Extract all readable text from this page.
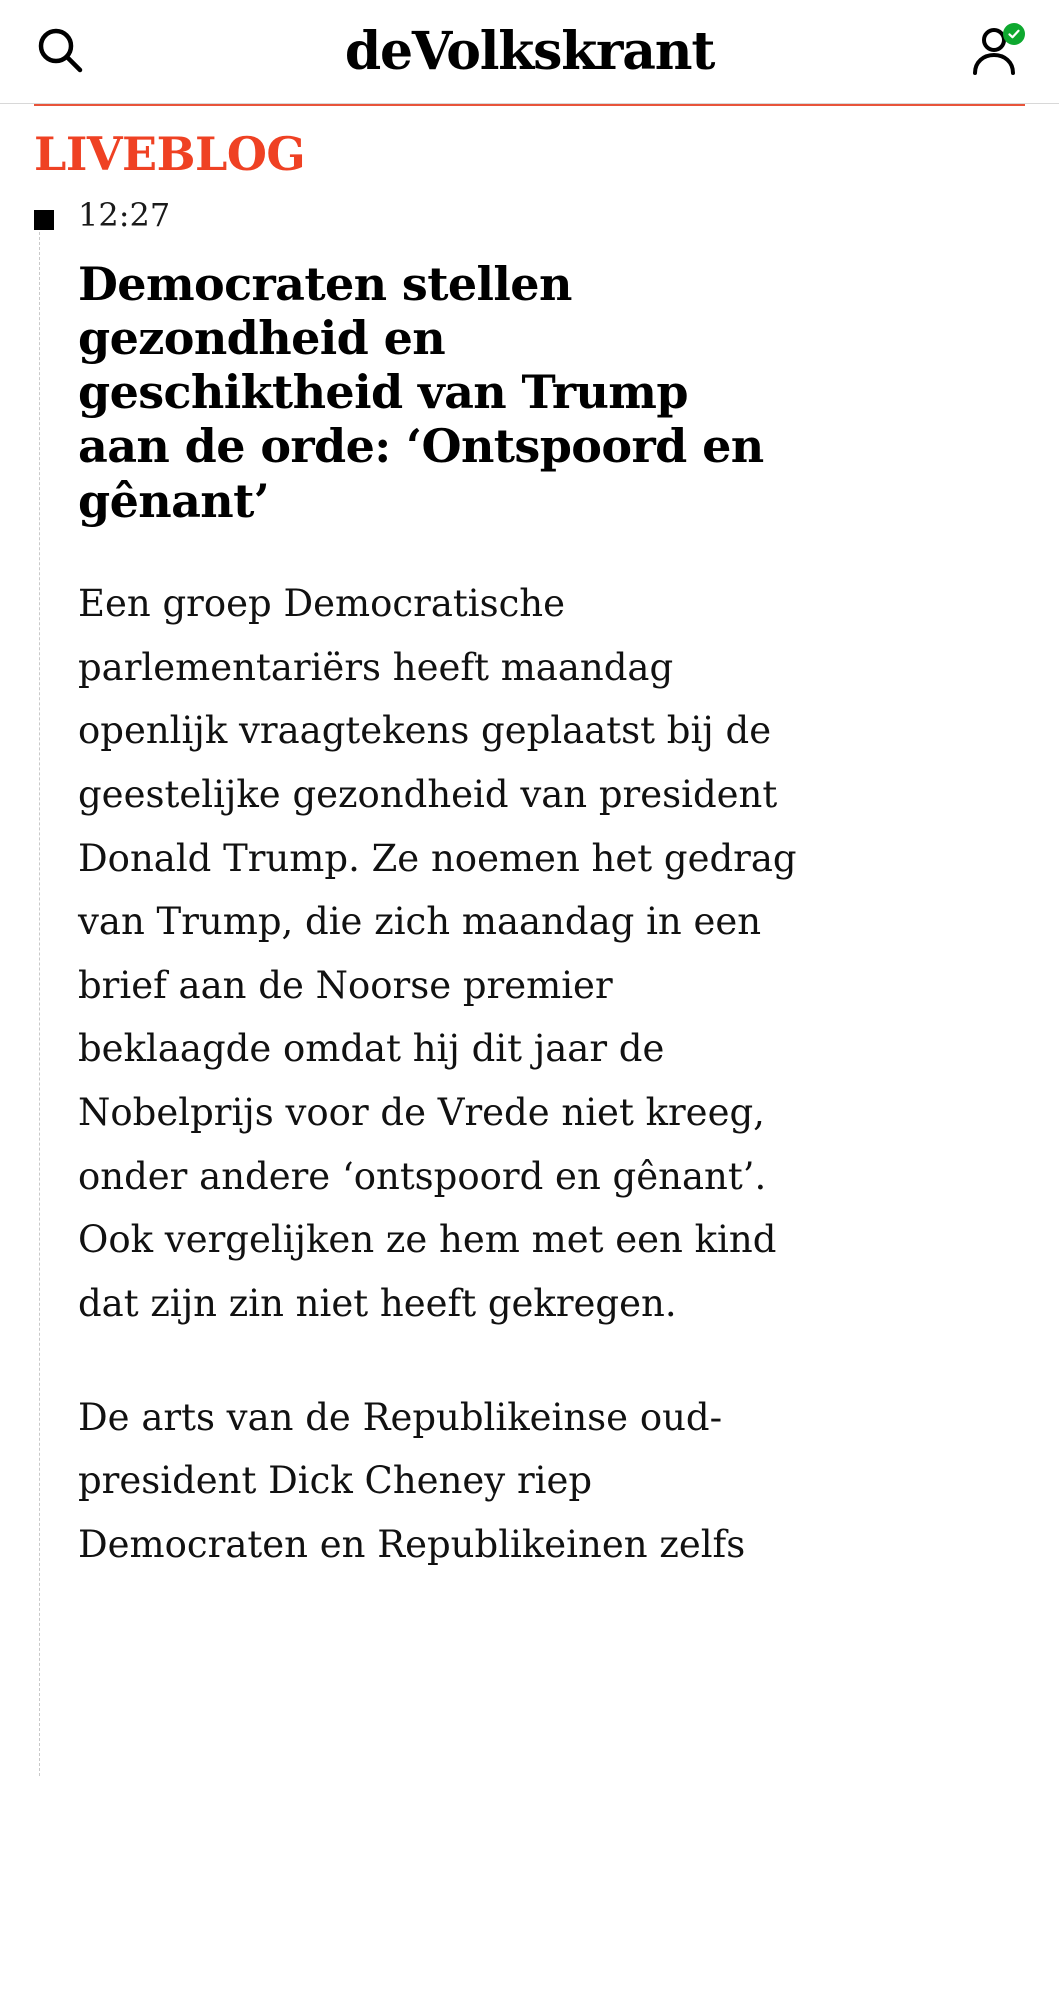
deVolkskrant
LIVEBLOG
12:27
Democraten stellen gezondheid en geschiktheid van Trump aan de orde: ‘Ontspoord en gênant’

Een groep Democratische parlementariërs heeft maandag openlijk vraagtekens geplaatst bij de geestelijke gezondheid van president Donald Trump. Ze noemen het gedrag van Trump, die zich maandag in een brief aan de Noorse premier beklaagde omdat hij dit jaar de Nobelprijs voor de Vrede niet kreeg, onder andere ‘ontspoord en gênant’. Ook vergelijken ze hem met een kind dat zijn zin niet heeft gekregen.

De arts van de Republikeinse oud-president Dick Cheney riep Democraten en Republikeinen zelfs
